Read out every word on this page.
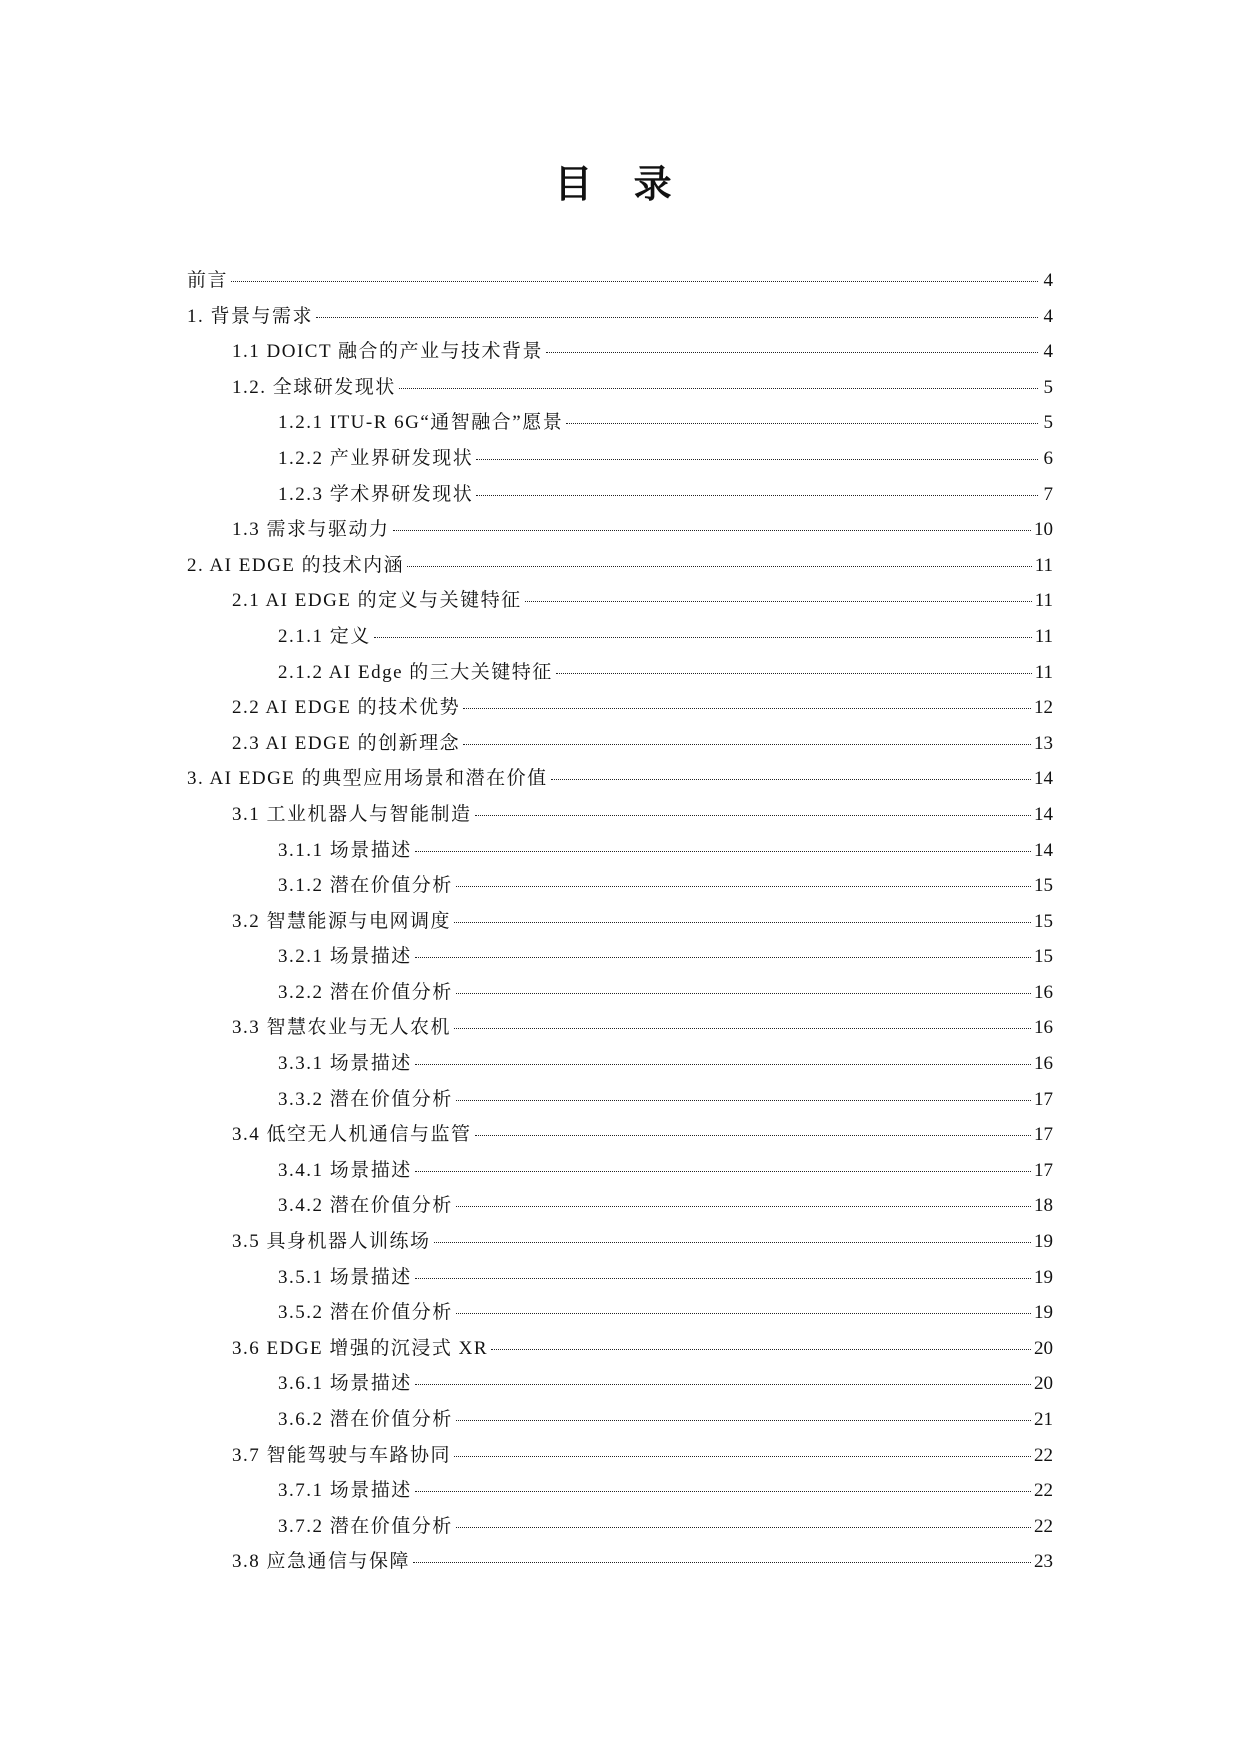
目 录
前言	4
1. 背景与需求	4
1.1 DOICT 融合的产业与技术背景	4
1.2. 全球研发现状	5
1.2.1 ITU-R 6G“通智融合”愿景	5
1.2.2 产业界研发现状	6
1.2.3 学术界研发现状	7
1.3 需求与驱动力	10
2. AI EDGE 的技术内涵	11
2.1 AI EDGE 的定义与关键特征	11
2.1.1 定义	11
2.1.2 AI Edge 的三大关键特征	11
2.2 AI EDGE 的技术优势	12
2.3 AI EDGE 的创新理念	13
3. AI EDGE 的典型应用场景和潜在价值	14
3.1 工业机器人与智能制造	14
3.1.1 场景描述	14
3.1.2 潜在价值分析	15
3.2 智慧能源与电网调度	15
3.2.1 场景描述	15
3.2.2 潜在价值分析	16
3.3 智慧农业与无人农机	16
3.3.1 场景描述	16
3.3.2 潜在价值分析	17
3.4 低空无人机通信与监管	17
3.4.1 场景描述	17
3.4.2 潜在价值分析	18
3.5 具身机器人训练场	19
3.5.1 场景描述	19
3.5.2 潜在价值分析	19
3.6 EDGE 增强的沉浸式 XR	20
3.6.1 场景描述	20
3.6.2 潜在价值分析	21
3.7 智能驾驶与车路协同	22
3.7.1 场景描述	22
3.7.2 潜在价值分析	22
3.8 应急通信与保障	23
